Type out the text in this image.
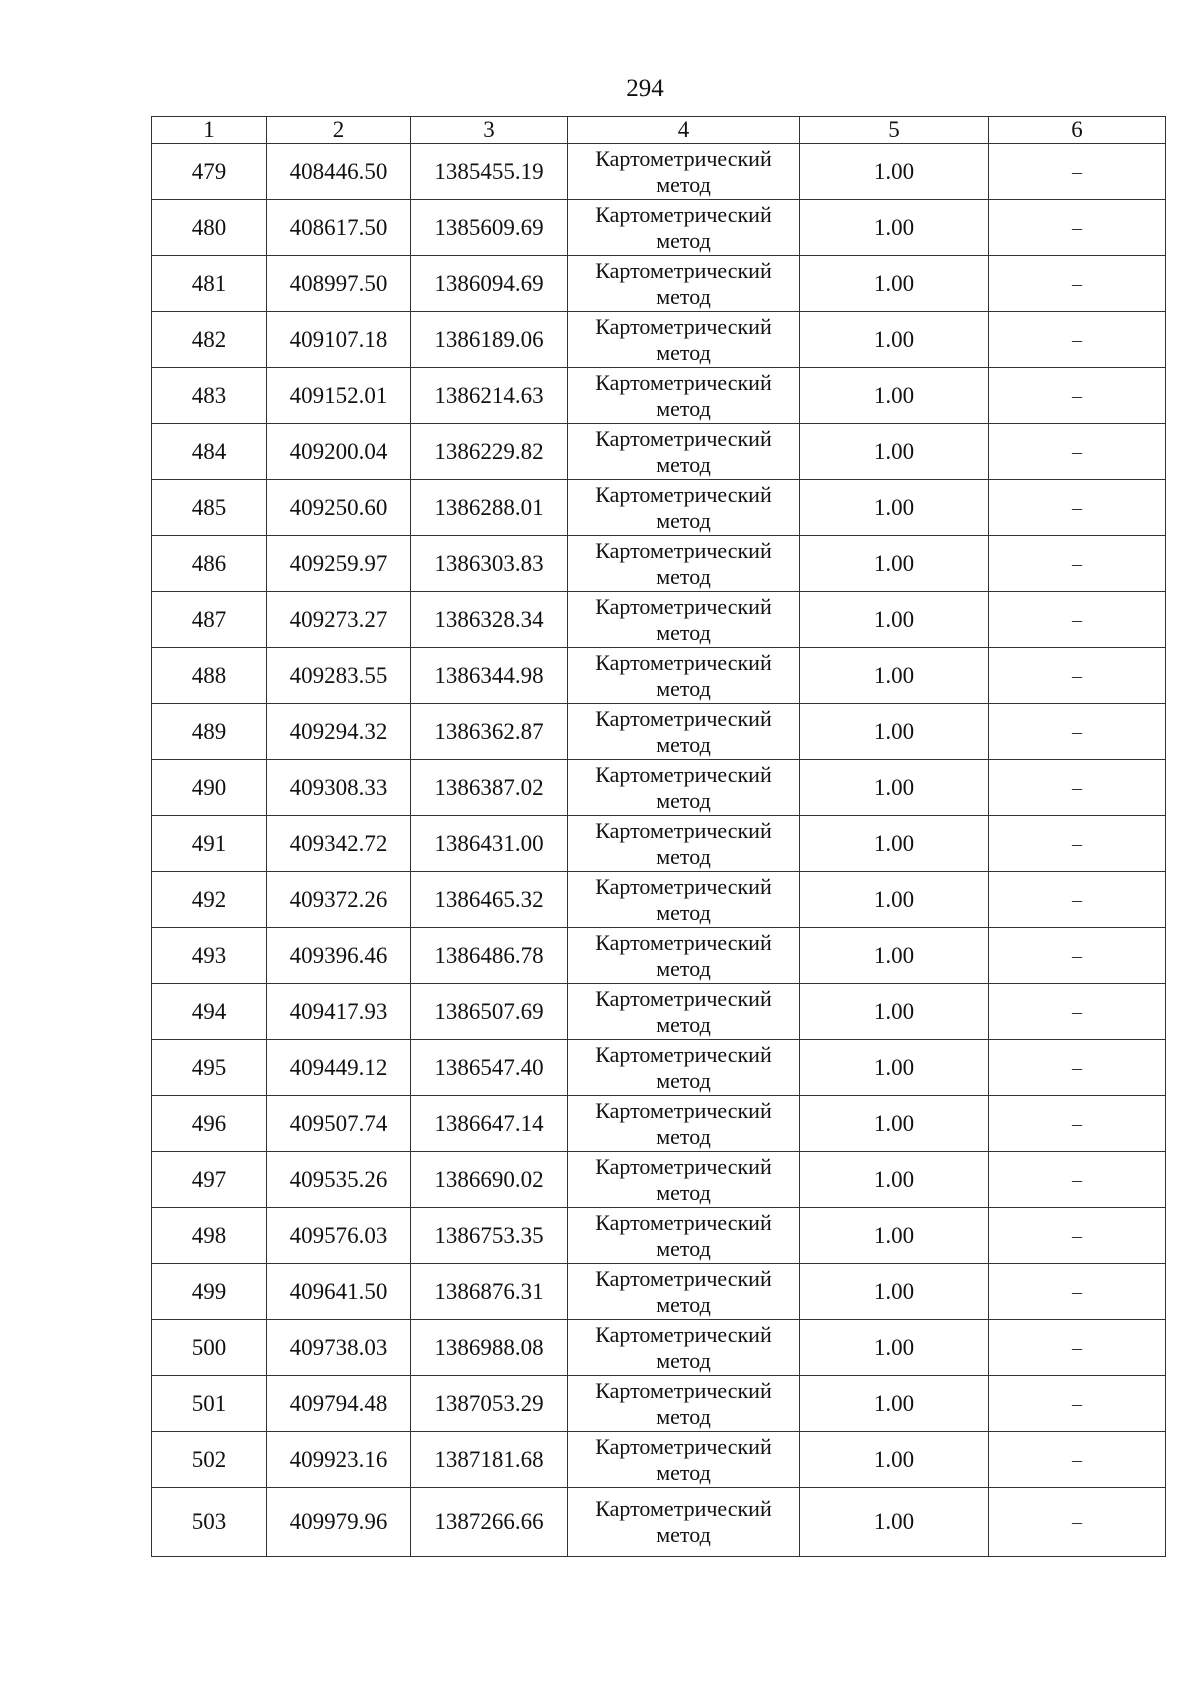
294
1	2	3	4	5	6
479	408446.50	1385455.19	Картометрический
метод	1.00	–
480	408617.50	1385609.69	Картометрический
метод	1.00	–
481	408997.50	1386094.69	Картометрический
метод	1.00	–
482	409107.18	1386189.06	Картометрический
метод	1.00	–
483	409152.01	1386214.63	Картометрический
метод	1.00	–
484	409200.04	1386229.82	Картометрический
метод	1.00	–
485	409250.60	1386288.01	Картометрический
метод	1.00	–
486	409259.97	1386303.83	Картометрический
метод	1.00	–
487	409273.27	1386328.34	Картометрический
метод	1.00	–
488	409283.55	1386344.98	Картометрический
метод	1.00	–
489	409294.32	1386362.87	Картометрический
метод	1.00	–
490	409308.33	1386387.02	Картометрический
метод	1.00	–
491	409342.72	1386431.00	Картометрический
метод	1.00	–
492	409372.26	1386465.32	Картометрический
метод	1.00	–
493	409396.46	1386486.78	Картометрический
метод	1.00	–
494	409417.93	1386507.69	Картометрический
метод	1.00	–
495	409449.12	1386547.40	Картометрический
метод	1.00	–
496	409507.74	1386647.14	Картометрический
метод	1.00	–
497	409535.26	1386690.02	Картометрический
метод	1.00	–
498	409576.03	1386753.35	Картометрический
метод	1.00	–
499	409641.50	1386876.31	Картометрический
метод	1.00	–
500	409738.03	1386988.08	Картометрический
метод	1.00	–
501	409794.48	1387053.29	Картометрический
метод	1.00	–
502	409923.16	1387181.68	Картометрический
метод	1.00	–
503	409979.96	1387266.66	Картометрический
метод	1.00	–
